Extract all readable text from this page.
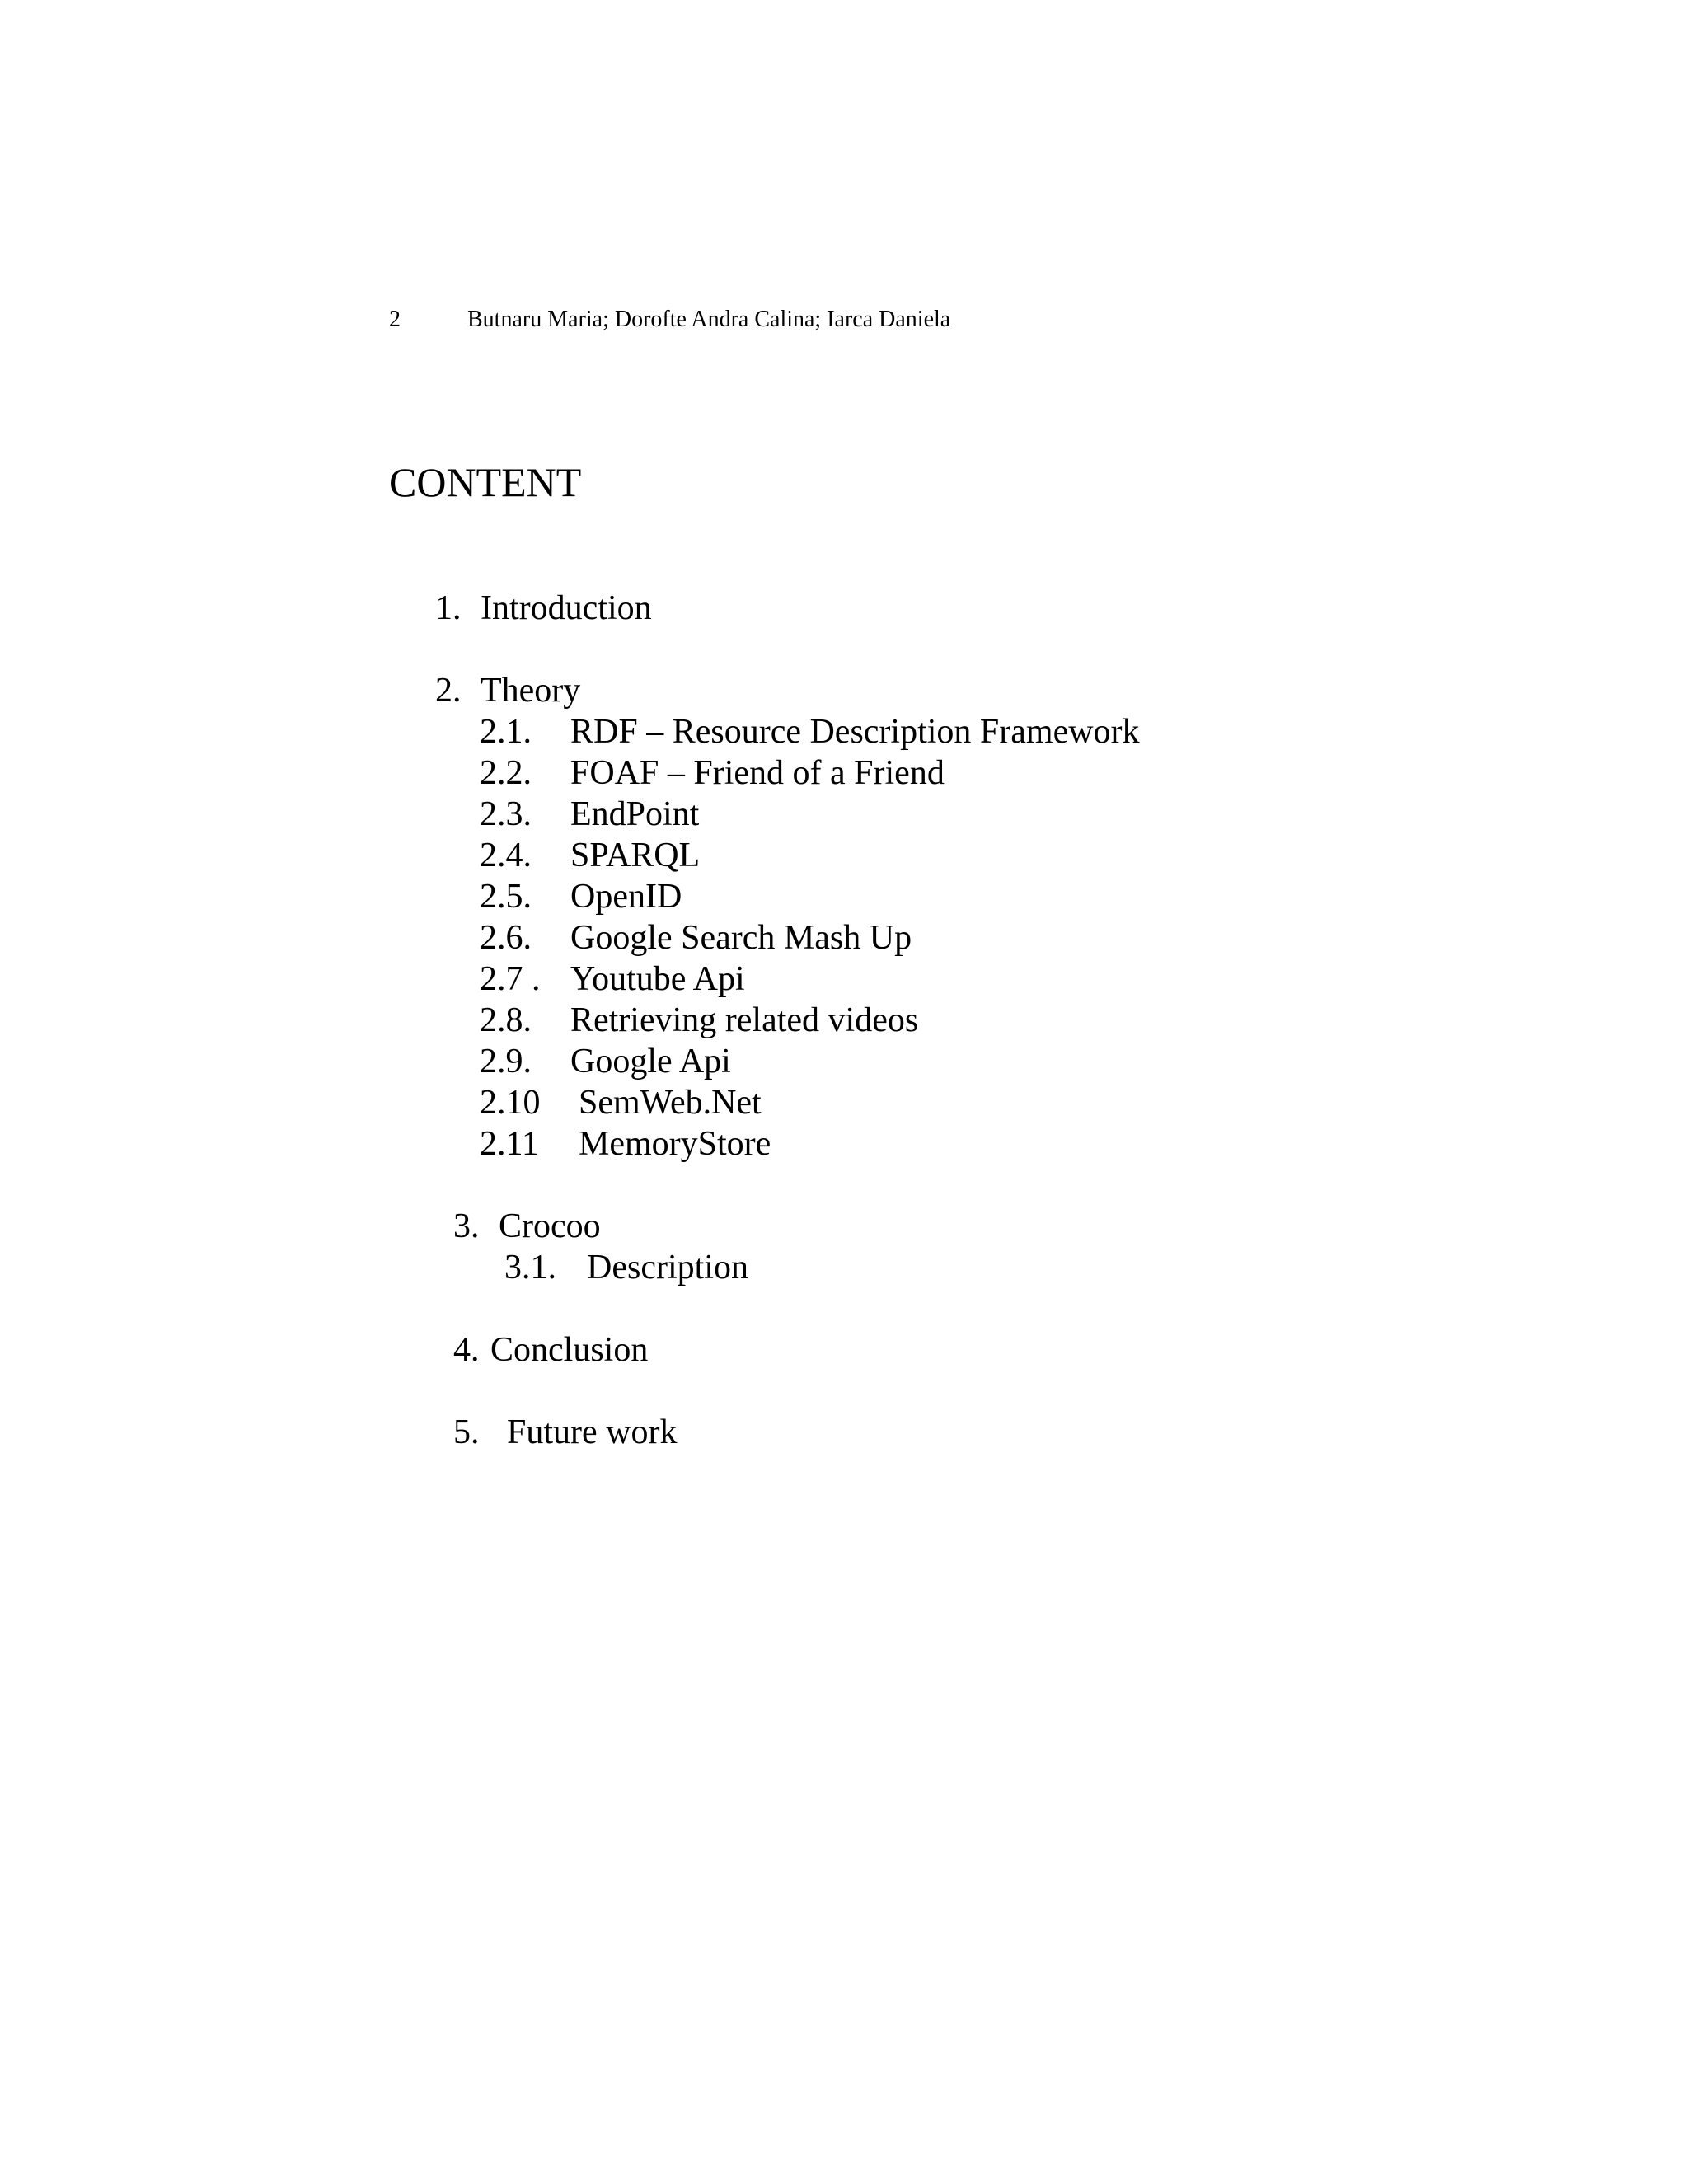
2	Butnaru Maria; Dorofte Andra Calina; Iarca Daniela
CONTENT
1. Introduction
2. Theory
2.1. RDF – Resource Description Framework
2.2. FOAF – Friend of a Friend
2.3. EndPoint
2.4. SPARQL
2.5. OpenID
2.6. Google Search Mash Up
2.7 . Youtube Api
2.8. Retrieving related videos
2.9. Google Api
2.10 SemWeb.Net
2.11 MemoryStore
3. Crocoo
3.1. Description
4. Conclusion
5. Future work
